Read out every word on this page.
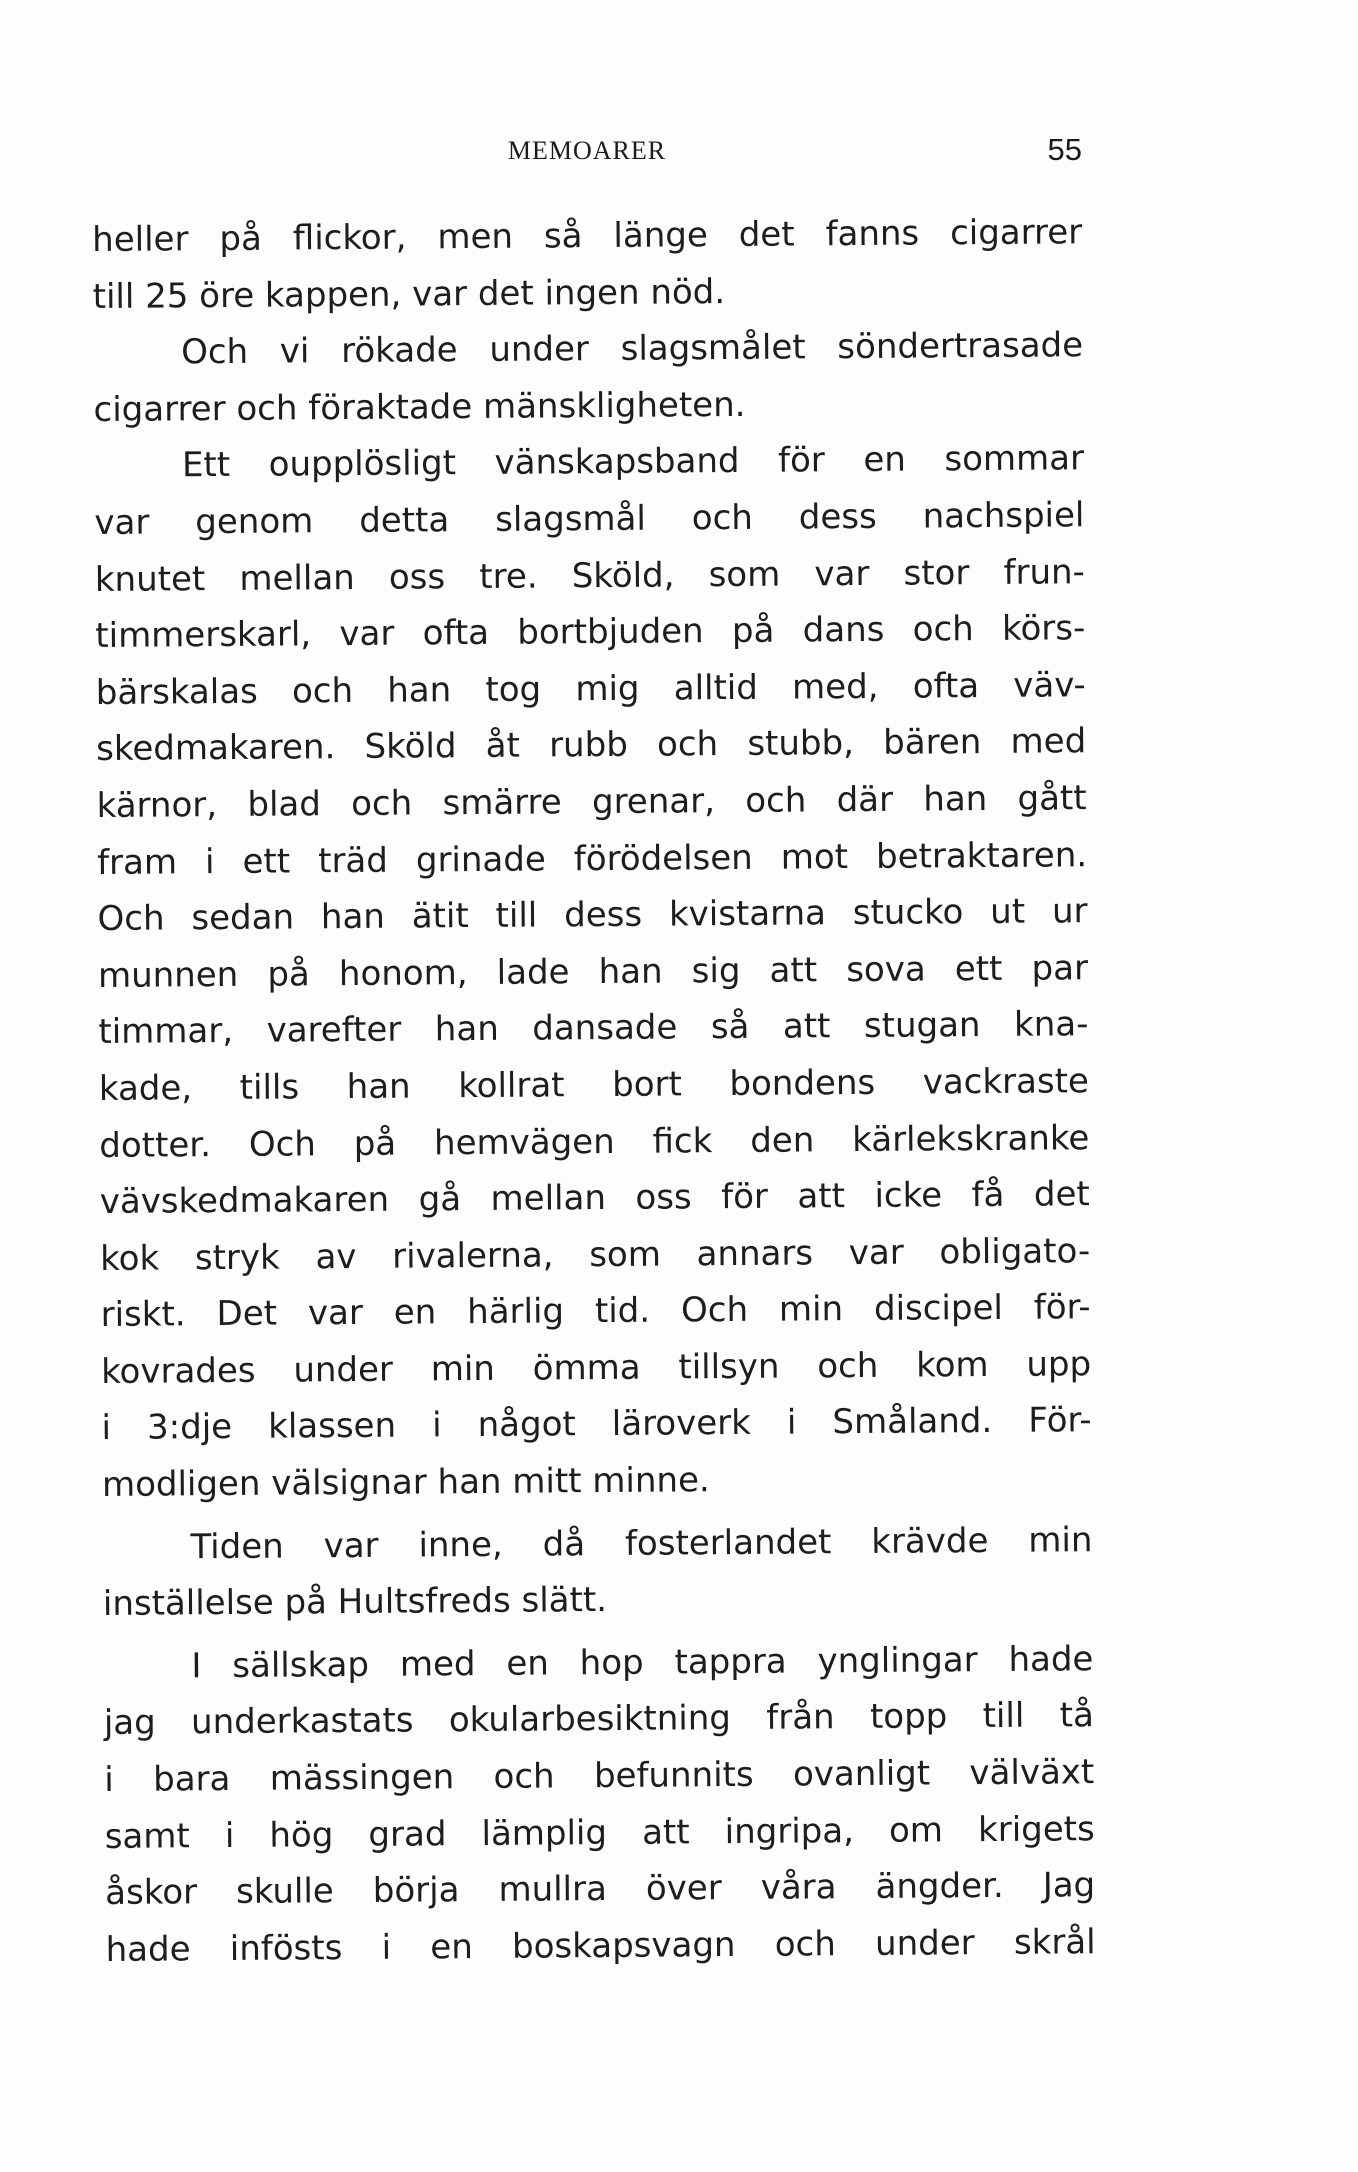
MEMOARER	55
heller på flickor, men så länge det fanns cigarrer
till 25 öre kappen, var det ingen nöd.
Och vi rökade under slagsmålet söndertrasade
cigarrer och föraktade mänskligheten.
Ett oupplösligt vänskapsband för en sommar
var genom detta slagsmål och dess nachspiel
knutet mellan oss tre. Sköld, som var stor frun-
timmerskarl, var ofta bortbjuden på dans och körs-
bärskalas och han tog mig alltid med, ofta väv-
skedmakaren. Sköld åt rubb och stubb, bären med
kärnor, blad och smärre grenar, och där han gått
fram i ett träd grinade förödelsen mot betraktaren.
Och sedan han ätit till dess kvistarna stucko ut ur
munnen på honom, lade han sig att sova ett par
timmar, varefter han dansade så att stugan kna-
kade, tills han kollrat bort bondens vackraste
dotter. Och på hemvägen fick den kärlekskranke
vävskedmakaren gå mellan oss för att icke få det
kok stryk av rivalerna, som annars var obligato-
riskt. Det var en härlig tid. Och min discipel för-
kovrades under min ömma tillsyn och kom upp
i 3:dje klassen i något läroverk i Småland. För-
modligen välsignar han mitt minne.
Tiden var inne, då fosterlandet krävde min
inställelse på Hultsfreds slätt.
I sällskap med en hop tappra ynglingar hade
jag underkastats okularbesiktning från topp till tå
i bara mässingen och befunnits ovanligt välväxt
samt i hög grad lämplig att ingripa, om krigets
åskor skulle börja mullra över våra ängder. Jag
hade infösts i en boskapsvagn och under skrål
